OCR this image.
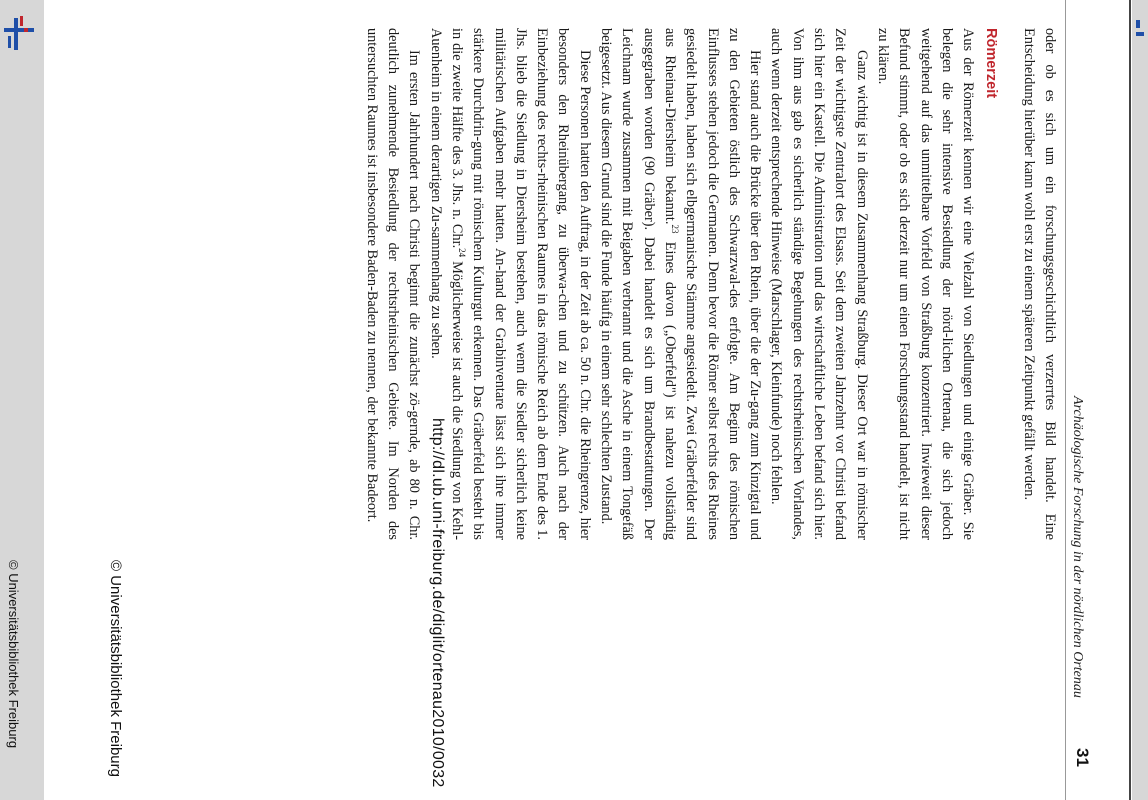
Archäologische Forschung in der nördlichen Ortenau
31

oder ob es sich um ein forschungsgeschichtlich verzerrtes Bild handelt. Eine Entscheidung hierüber kann wohl erst zu einem späteren Zeitpunkt gefällt werden.

Römerzeit

Aus der Römerzeit kennen wir eine Vielzahl von Siedlungen und einige Gräber. Sie belegen die sehr intensive Besiedlung der nörd-lichen Ortenau, die sich jedoch weitgehend auf das unmittelbare Vorfeld von Straßburg konzentriert. Inwieweit dieser Befund stimmt, oder ob es sich derzeit nur um einen Forschungsstand handelt, ist nicht zu klären.

Ganz wichtig ist in diesem Zusammenhang Straßburg. Dieser Ort war in römischer Zeit der wichtigste Zentralort des Elsass. Seit dem zweiten Jahrzehnt vor Christi befand sich hier ein Kastell. Die Administration und das wirtschaftliche Leben befand sich hier. Von ihm aus gab es sicherlich ständige Begehungen des rechtsrheinischen Vorlandes, auch wenn derzeit entsprechende Hinweise (Marschlager, Kleinfunde) noch fehlen.

Hier stand auch die Brücke über den Rhein, über die der Zu-gang zum Kinzigtal und zu den Gebieten östlich des Schwarzwal-des erfolgte. Am Beginn des römischen Einflusses stehen jedoch die Germanen. Denn bevor die Römer selbst rechts des Rheines gesiedelt haben, haben sich elbgermanische Stämme angesiedelt. Zwei Gräberfelder sind aus Rheinau-Diersheim bekannt.$^{23}$ Eines davon („Oberfeld") ist nahezu vollständig ausgegraben worden (90 Gräber). Dabei handelt es sich um Brandbestattungen. Der Leichnam wurde zusammen mit Beigaben verbrannt und die Asche in einem Tongefäß beigesetzt. Aus diesem Grund sind die Funde häufig in einem sehr schlechten Zustand.

Diese Personen hatten den Auftrag, in der Zeit ab ca. 50 n. Chr. die Rheingrenze, hier besonders den Rheinübergang, zu überwa-chen und zu schützen. Auch nach der Einbeziehung des rechts-rheinischen Raumes in das römische Reich ab dem Ende des 1. Jhs. blieb die Siedlung in Diersheim bestehen, auch wenn die Siedler sicherlich keine militärischen Aufgaben mehr hatten. An-hand der Grabinventare lässt sich ihre immer stärkere Durchdrin-gung mit römischem Kulturgut erkennen. Das Gräberfeld besteht bis in die zweite Hälfte des 3. Jhs. n. Chr.$^{24}$ Möglicherweise ist auch die Siedlung von Kehl-Auenheim in einem derartigen Zu-sammenhang zu sehen.

Im ersten Jahrhundert nach Christi beginnt die zunächst zö-gernde, ab 80 n. Chr. deutlich zunehmende Besiedlung der rechtsrheinischen Gebiete. Im Norden des untersuchten Raumes ist insbesondere Baden-Baden zu nennen, der bekannte Badeort.

http://dl.ub.uni-freiburg.de/diglit/ortenau2010/0032
© Universitätsbibliothek Freiburg
© Universitätsbibliothek Freiburg
